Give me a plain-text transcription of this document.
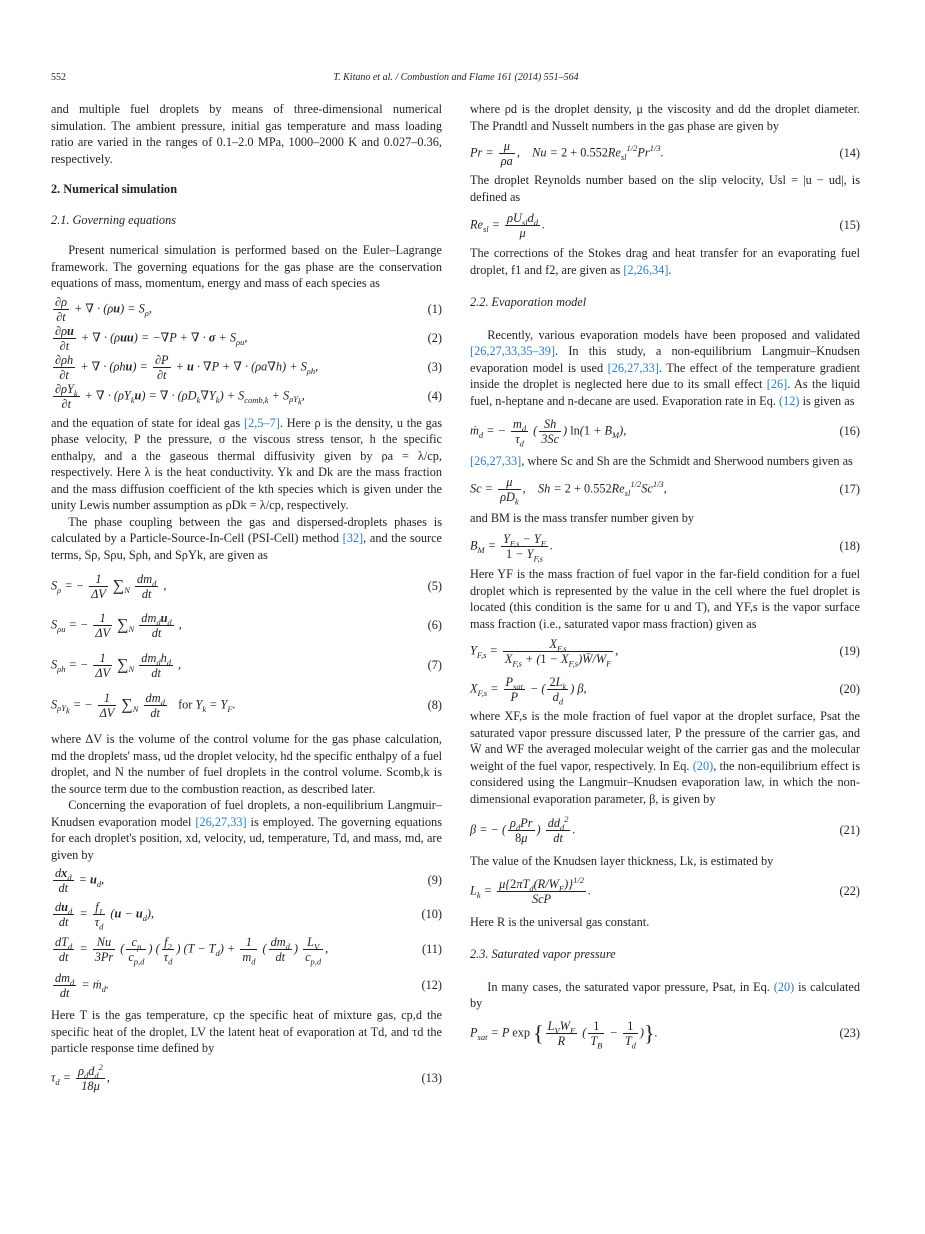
552	T. Kitano et al. / Combustion and Flame 161 (2014) 551–564

and multiple fuel droplets by means of three-dimensional numerical simulation. The ambient pressure, initial gas temperature and mass loading ratio are varied in the ranges of 0.1–2.0 MPa, 1000–2000 K and 0.027–0.36, respectively.

2. Numerical simulation

2.1. Governing equations

Present numerical simulation is performed based on the Euler–Lagrange framework. The governing equations for the gas phase are the conservation equations of mass, momentum, energy and mass of each species as

$\frac{\partial\rho}{\partial t}$ + ∇ · $(\rho u) = S_\rho$,	(1)
$\frac{\partial\rho u}{\partial t}$ + ∇ · (ρuu) = −∇P + ∇ · $\sigma + S_{\rho u}$,	(2)
$\frac{\partial\rho h}{\partial t}$ + ∇ · $(\rho hu) = \frac{\partial P}{\partial t} + u \cdot \nabla P$ + ∇ · $(\rho a\nabla h) + S_{\rho h}$,	(3)
$\partial\rho Y_k$
∂t
+ ∇ · $(\rho Y_ku)$ = ∇ · $(\rho D_k\nabla Y_k) + S_{comb,k} + S_{\rho Y_k}$,	(4)

and the equation of state for ideal gas [2,5–7]. Here ρ is the density, u the gas phase velocity, P the pressure, σ the viscous stress tensor, h the specific enthalpy, and a the gaseous thermal diffusivity given by ρa = λ/cp, respectively. Here λ is the heat conductivity. Yk and Dk are the mass fraction and the mass diffusion coefficient of the kth species which is given under the unity Lewis number assumption as ρDk = λ/cp, respectively.

The phase coupling between the gas and dispersed-droplets phases is calculated by a Particle-Source-In-Cell (PSI-Cell) method [32], and the source terms, Sρ, Sρu, Sρh, and SρYk, are given as

$S_\rho$ = − $\frac{1}{\Delta V} \sum_N$
$dm_d$
dt
,	(5)
$S_{\rho u}$ = − $\frac{1}{\Delta V} \sum_N$
$dm_du_d$
dt
,	(6)
$S_{\rho h}$ = − $\frac{1}{\Delta V} \sum_N$
$dm_dh_d$
dt
,	(7)
$S_{\rho Y_k}$ = − $\frac{1}{\Delta V} \sum_N$
$dm_d$
dt
for $Y_k = Y_F$.	(8)

where ΔV is the volume of the control volume for the gas phase calculation, md the droplets' mass, ud the droplet velocity, hd the specific enthalpy of a fuel droplet, and N the number of fuel droplets in the control volume. Scomb,k is the source term due to the combustion reaction, as described later.

Concerning the evaporation of fuel droplets, a non-equilibrium Langmuir–Knudsen evaporation model [26,27,33] is employed. The governing equations for each droplet's position, xd, velocity, ud, temperature, Td, and mass, md, are given by

$dx_d$
dt
= $u_d$,	(9)
$du_d$
dt
= $\frac{f_1}{\tau_d} (u - u_d)$,	(10)
$dT_d$
dt
= $\frac{Nu}{3Pr}$ ( $\frac{c_p}{c_{p,d}}$ ) ( $\frac{f_2}{\tau_d}$ ) $(T - T_d) + \frac{1}{m_d}$ ( $dm_d$
dt
) $\frac{L_V}{c_{p,d}}$ ,	(11)
$dm_d$
dt
= ṁ$_d$.	(12)

Here T is the gas temperature, cp the specific heat of mixture gas, cp,d the specific heat of the droplet, LV the latent heat of evaporation at Td, and τd the particle response time defined by

$\tau_d = \rho_dd_d^2$
18μ
,	(13)

where ρd is the droplet density, μ the viscosity and dd the droplet diameter. The Prandtl and Nusselt numbers in the gas phase are given by

$Pr = \frac{\mu}{\rho a}$ ,    $Nu = 2 + 0.552Re_{sl}^{1/2}Pr^{1/3}$.	(14)

The droplet Reynolds number based on the slip velocity, Usl = |u − ud|, is defined as

$Re_{sl} = \rho U_{sl}d_d$
μ
.	(15)

The corrections of the Stokes drag and heat transfer for an evaporating fuel droplet, f1 and f2, are given as [2,26,34].

2.2. Evaporation model

Recently, various evaporation models have been proposed and validated [26,27,33,35–39]. In this study, a non-equilibrium Langmuir–Knudsen evaporation model is used [26,27,33]. The effect of the temperature gradient inside the droplet is neglected here due to its small effect [26]. As the liquid fuel, n-heptane and n-decane are used. Evaporation rate in Eq. (12) is given as

ṁ$_d$ = − $\frac{m_d}{\tau_d}$ ( $\frac{Sh}{3Sc}$ ) $\ln(1 + B_M)$,	(16)

[26,27,33], where Sc and Sh are the Schmidt and Sherwood numbers given as

Sc = μ
$\rho D_k$
,    $Sh = 2 + 0.552Re_{sl}^{1/2}Sc^{1/3}$,	(17)

and BM is the mass transfer number given by

$B_M = \frac{Y_{F,s} - Y_F}{1 - Y_{F,s}}$ .	(18)

Here YF is the mass fraction of fuel vapor in the far-field condition for a fuel droplet which is represented by the value in the cell where the fuel droplet is located (this condition is the same for u and T), and YF,s is the vapor surface mass fraction (i.e., saturated vapor mass fraction) given as

$Y_{F,s} = \frac{X_{F,s}}{X_{F,s} + (1 - X_{F,s})W̄/W_F}$ ,	(19)
$X_{F,s} = P_{sat}$
P
− ( $\frac{2L_k}{d_d}$ ) β,	(20)

where XF,s is the mole fraction of fuel vapor at the droplet surface, Psat the saturated vapor pressure discussed later, P the pressure of the carrier gas, and W̄ and WF the averaged molecular weight of the carrier gas and the molecular weight of the fuel vapor, respectively. In Eq. (20), the non-equilibrium effect is considered using the Langmuir–Knudsen evaporation law, in which the non-dimensional evaporation parameter, β, is given by

β = − ( $\rho_dPr$
8μ
) $dd_d^2$
dt
.	(21)

The value of the Knudsen layer thickness, Lk, is estimated by

$L_k = \mu\{2\pi T_d(R/W_F)\}^{1/2}$
ScP
.	(22)

Here R is the universal gas constant.

2.3. Saturated vapor pressure

In many cases, the saturated vapor pressure, Psat, in Eq. (20) is calculated by

$P_{sat} = P$ exp { $L_VW_F$
R
( $\frac{1}{T_B} - \frac{1}{T_d}$ )}.	(23)
